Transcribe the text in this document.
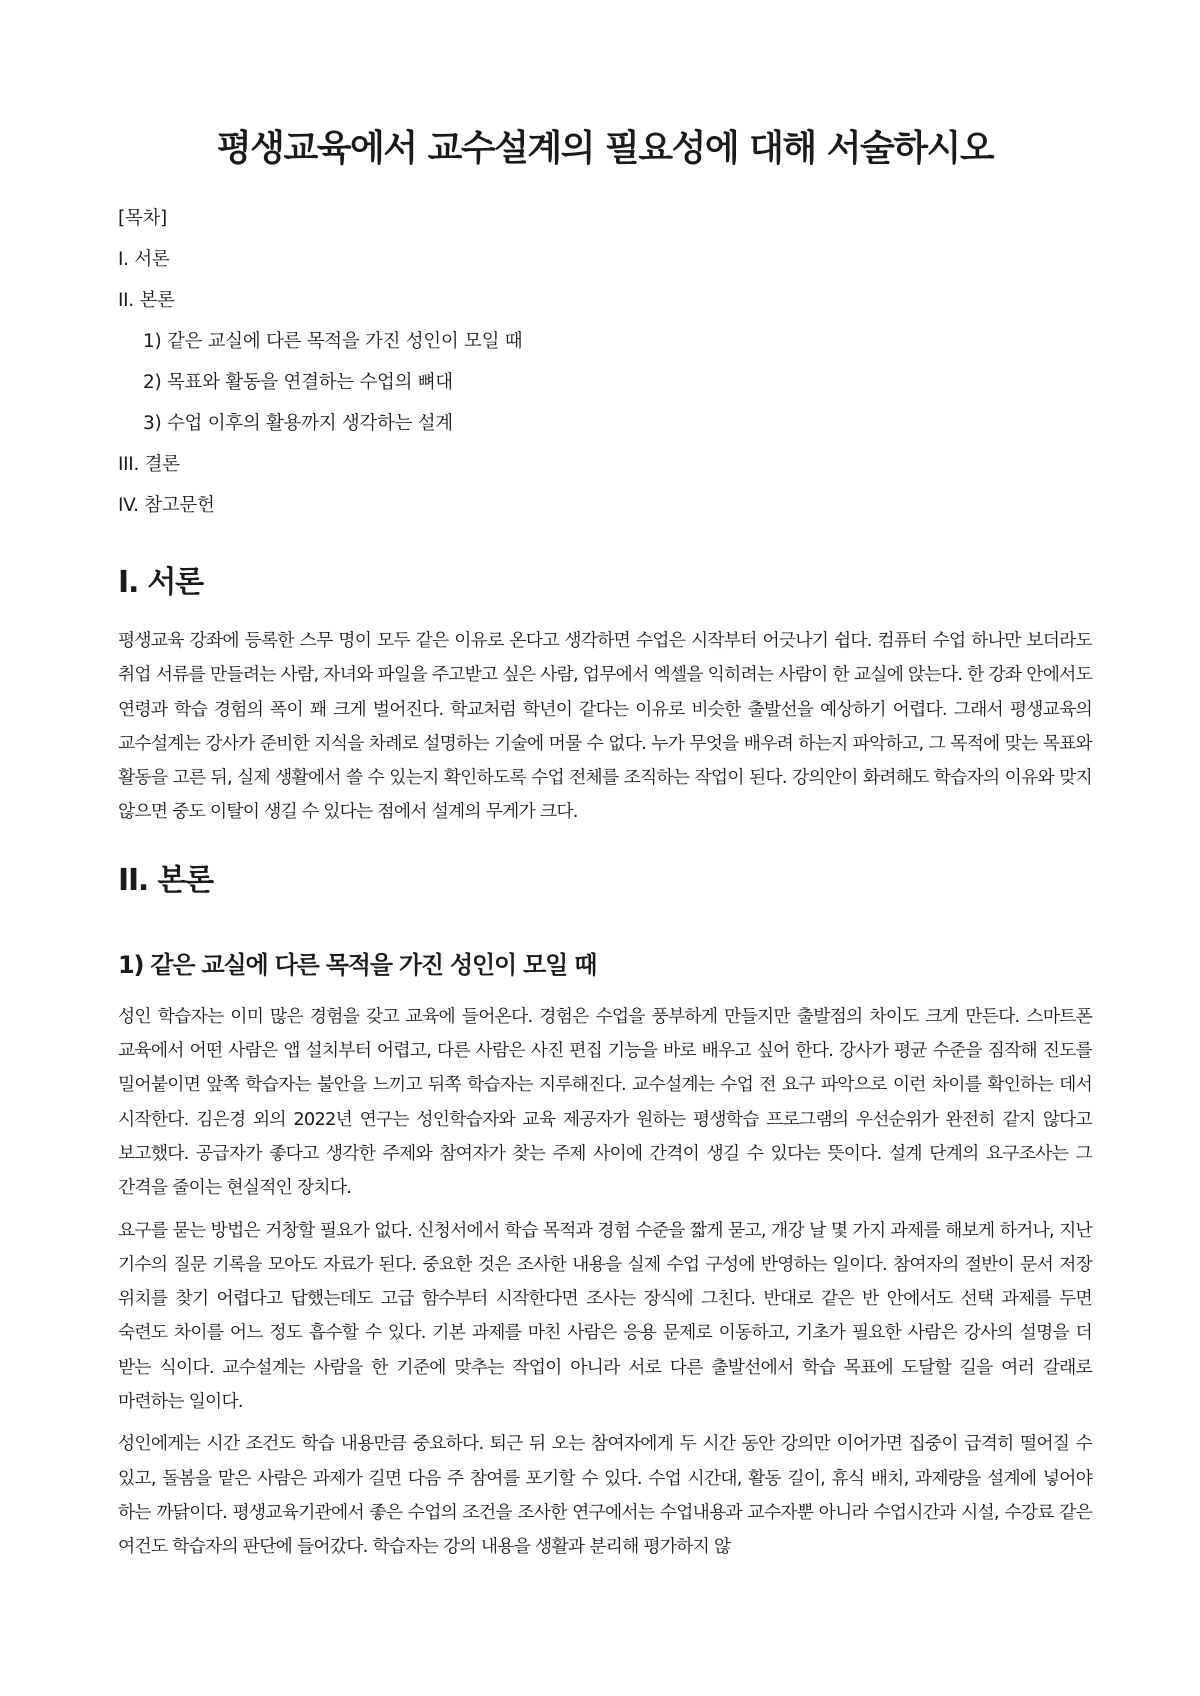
평생교육에서 교수설계의 필요성에 대해 서술하시오
[목차]
I. 서론
II. 본론
1) 같은 교실에 다른 목적을 가진 성인이 모일 때
2) 목표와 활동을 연결하는 수업의 뼈대
3) 수업 이후의 활용까지 생각하는 설계
III. 결론
IV. 참고문헌
I. 서론

평생교육 강좌에 등록한 스무 명이 모두 같은 이유로 온다고 생각하면 수업은 시작부터 어긋나기 쉽다. 컴퓨터 수업 하나만 보더라도 취업 서류를 만들려는 사람, 자녀와 파일을 주고받고 싶은 사람, 업무에서 엑셀을 익히려는 사람이 한 교실에 앉는다. 한 강좌 안에서도 연령과 학습 경험의 폭이 꽤 크게 벌어진다. 학교처럼 학년이 같다는 이유로 비슷한 출발선을 예상하기 어렵다. 그래서 평생교육의 교수설계는 강사가 준비한 지식을 차례로 설명하는 기술에 머물 수 없다. 누가 무엇을 배우려 하는지 파악하고, 그 목적에 맞는 목표와 활동을 고른 뒤, 실제 생활에서 쓸 수 있는지 확인하도록 수업 전체를 조직하는 작업이 된다. 강의안이 화려해도 학습자의 이유와 맞지 않으면 중도 이탈이 생길 수 있다는 점에서 설계의 무게가 크다.

II. 본론
1) 같은 교실에 다른 목적을 가진 성인이 모일 때

성인 학습자는 이미 많은 경험을 갖고 교육에 들어온다. 경험은 수업을 풍부하게 만들지만 출발점의 차이도 크게 만든다. 스마트폰 교육에서 어떤 사람은 앱 설치부터 어렵고, 다른 사람은 사진 편집 기능을 바로 배우고 싶어 한다. 강사가 평균 수준을 짐작해 진도를 밀어붙이면 앞쪽 학습자는 불안을 느끼고 뒤쪽 학습자는 지루해진다. 교수설계는 수업 전 요구 파악으로 이런 차이를 확인하는 데서 시작한다. 김은경 외의 2022년 연구는 성인학습자와 교육 제공자가 원하는 평생학습 프로그램의 우선순위가 완전히 같지 않다고 보고했다. 공급자가 좋다고 생각한 주제와 참여자가 찾는 주제 사이에 간격이 생길 수 있다는 뜻이다. 설계 단계의 요구조사는 그 간격을 줄이는 현실적인 장치다.

요구를 묻는 방법은 거창할 필요가 없다. 신청서에서 학습 목적과 경험 수준을 짧게 묻고, 개강 날 몇 가지 과제를 해보게 하거나, 지난 기수의 질문 기록을 모아도 자료가 된다. 중요한 것은 조사한 내용을 실제 수업 구성에 반영하는 일이다. 참여자의 절반이 문서 저장 위치를 찾기 어렵다고 답했는데도 고급 함수부터 시작한다면 조사는 장식에 그친다. 반대로 같은 반 안에서도 선택 과제를 두면 숙련도 차이를 어느 정도 흡수할 수 있다. 기본 과제를 마친 사람은 응용 문제로 이동하고, 기초가 필요한 사람은 강사의 설명을 더 받는 식이다. 교수설계는 사람을 한 기준에 맞추는 작업이 아니라 서로 다른 출발선에서 학습 목표에 도달할 길을 여러 갈래로 마련하는 일이다.

성인에게는 시간 조건도 학습 내용만큼 중요하다. 퇴근 뒤 오는 참여자에게 두 시간 동안 강의만 이어가면 집중이 급격히 떨어질 수 있고, 돌봄을 맡은 사람은 과제가 길면 다음 주 참여를 포기할 수 있다. 수업 시간대, 활동 길이, 휴식 배치, 과제량을 설계에 넣어야 하는 까닭이다. 평생교육기관에서 좋은 수업의 조건을 조사한 연구에서는 수업내용과 교수자뿐 아니라 수업시간과 시설, 수강료 같은 여건도 학습자의 판단에 들어갔다. 학습자는 강의 내용을 생활과 분리해 평가하지 않
